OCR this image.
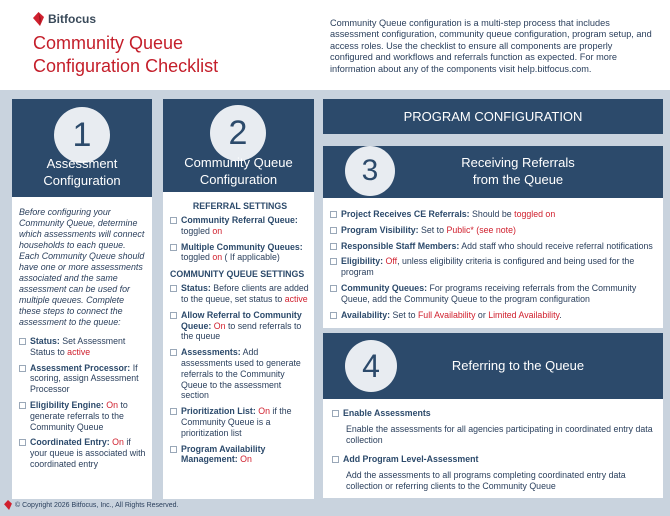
Bitfocus
Community Queue
Configuration Checklist
Community Queue configuration is a multi-step process that includes assessment configuration, community queue configuration, program setup, and access roles. Use the checklist to ensure all components are properly configured and workflows and referrals function as expected. For more information about any of the components visit help.bitfocus.com.
1
Assessment
Configuration
Before configuring your Community Queue, determine which assessments will connect households to each queue. Each Community Queue should have one or more assessments associated and the same assessment can be used for multiple queues. Complete these steps to connect the assessment to the queue:
Status: Set Assessment Status to active
Assessment Processor: If scoring, assign Assessment Processor
Eligibility Engine: On to generate referrals to the Community Queue
Coordinated Entry: On if your queue is associated with coordinated entry
2
Community Queue
Configuration
REFERRAL SETTINGS
Community Referral Queue: toggled on
Multiple Community Queues: toggled on ( If applicable)
COMMUNITY QUEUE SETTINGS
Status: Before clients are added to the queue, set status to active
Allow Referral to Community Queue: On to send referrals to the queue
Assessments: Add assessments used to generate referrals to the Community Queue to the assessment section
Prioritization List: On if the Community Queue is a prioritization list
Program Availability Management: On
PROGRAM CONFIGURATION
3	Receiving Referrals
from the Queue
Project Receives CE Referrals: Should be toggled on
Program Visibility: Set to Public* (see note)
Responsible Staff Members: Add staff who should receive referral notifications
Eligibility: Off, unless eligibility criteria is configured and being used for the program
Community Queues: For programs receiving referrals from the Community Queue, add the Community Queue to the program configuration
Availability: Set to Full Availability or Limited Availability.
4	Referring to the Queue
Enable Assessments
Enable the assessments for all agencies participating in coordinated entry data collection
Add Program Level-Assessment
Add the assessments to all programs completing coordinated entry data collection or referring clients to the Community Queue
© Copyright 2026 Bitfocus, Inc., All Rights Reserved.
